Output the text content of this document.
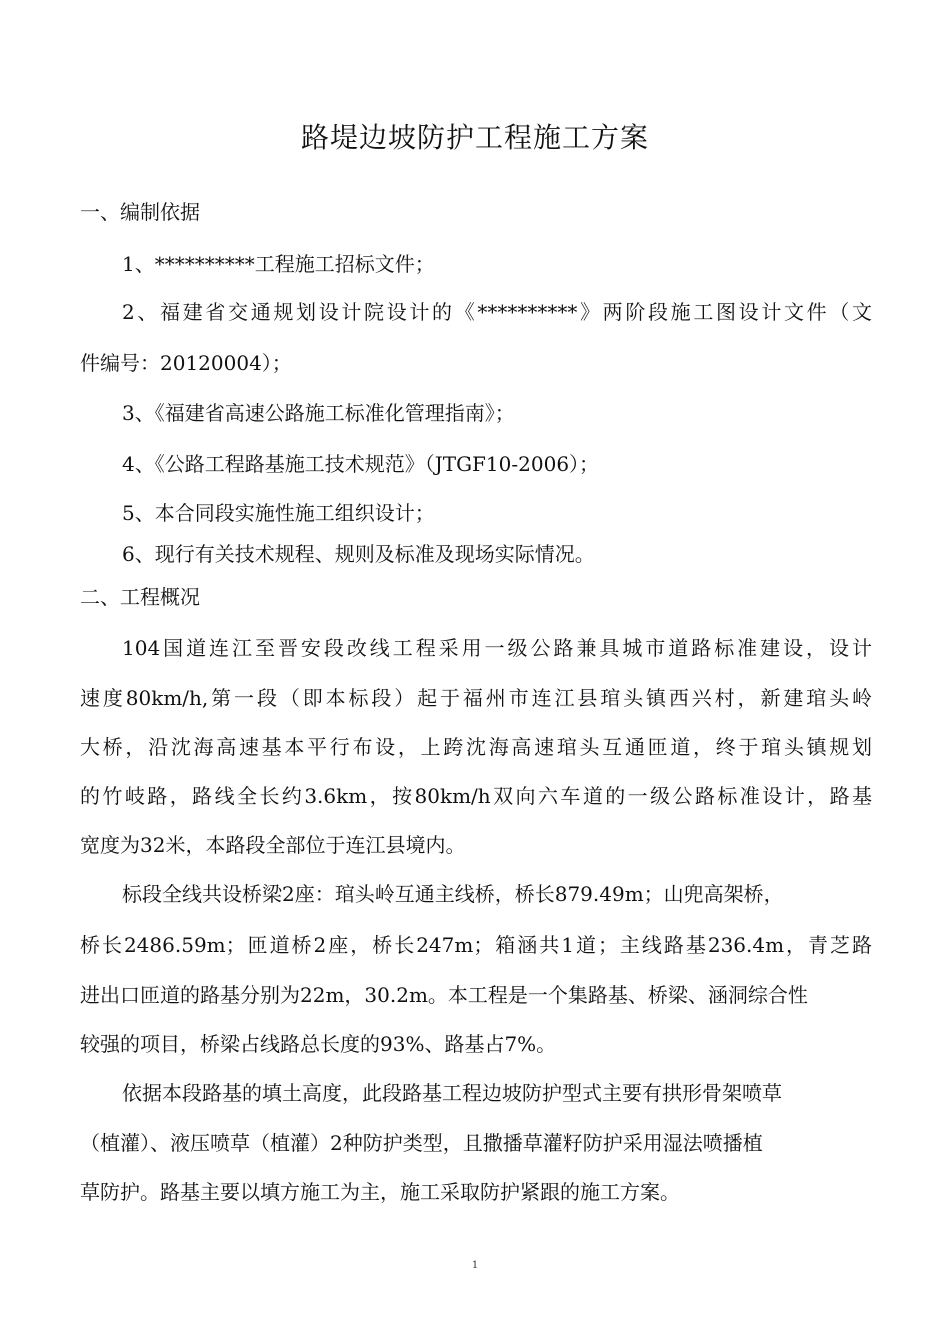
路堤边坡防护工程施工方案
一、编制依据
1、**********工程施工招标文件；
2、福建省交通规划设计院设计的《**********》两阶段施工图设计文件（文
件编号：20120004）；
3、《福建省高速公路施工标准化管理指南》；
4、《公路工程路基施工技术规范》（JTGF10-2006）；
5、本合同段实施性施工组织设计；
6、现行有关技术规程、规则及标准及现场实际情况。
二、工程概况
104国道连江至晋安段改线工程采用一级公路兼具城市道路标准建设，设计
速度80km/h,第一段（即本标段）起于福州市连江县琯头镇西兴村，新建琯头岭
大桥，沿沈海高速基本平行布设，上跨沈海高速琯头互通匝道，终于琯头镇规划
的竹岐路，路线全长约3.6km，按80km/h双向六车道的一级公路标准设计，路基
宽度为32米，本路段全部位于连江县境内。
标段全线共设桥梁2座：琯头岭互通主线桥，桥长879.49m；山兜高架桥，
桥长2486.59m；匝道桥2座，桥长247m；箱涵共1道；主线路基236.4m，青芝路
进出口匝道的路基分别为22m，30.2m。本工程是一个集路基、桥梁、涵洞综合性
较强的项目，桥梁占线路总长度的93%、路基占7%。
依据本段路基的填土高度，此段路基工程边坡防护型式主要有拱形骨架喷草
（植灌）、液压喷草（植灌）2种防护类型，且撒播草灌籽防护采用湿法喷播植
草防护。路基主要以填方施工为主，施工采取防护紧跟的施工方案。
1
